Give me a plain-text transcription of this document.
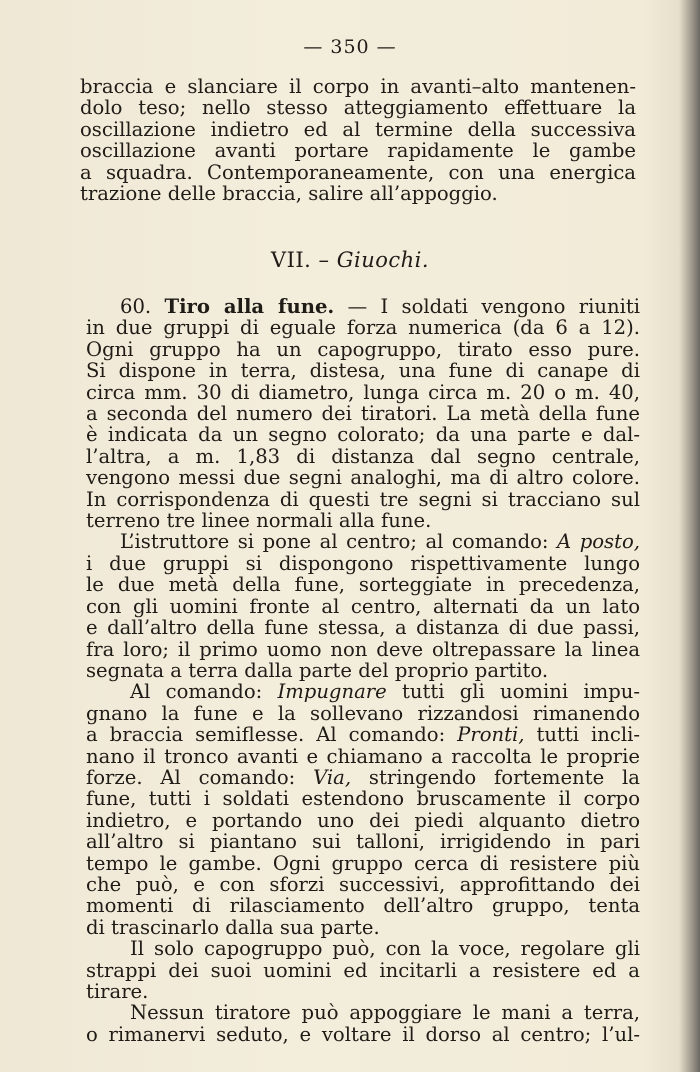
— 350 —
braccia e slanciare il corpo in avanti–alto mantenen-
dolo teso; nello stesso atteggiamento effettuare la
oscillazione indietro ed al termine della successiva
oscillazione avanti portare rapidamente le gambe
a squadra. Contemporaneamente, con una energica
trazione delle braccia, salire all’appoggio.
VII. – Giuochi.
60. Tiro alla fune. — I soldati vengono riuniti
in due gruppi di eguale forza numerica (da 6 a 12).
Ogni gruppo ha un capogruppo, tirato esso pure.
Si dispone in terra, distesa, una fune di canape di
circa mm. 30 di diametro, lunga circa m. 20 o m. 40,
a seconda del numero dei tiratori. La metà della fune
è indicata da un segno colorato; da una parte e dal-
l’altra, a m. 1,83 di distanza dal segno centrale,
vengono messi due segni analoghi, ma di altro colore.
In corrispondenza di questi tre segni si tracciano sul
terreno tre linee normali alla fune.
L’istruttore si pone al centro; al comando: A posto,
i due gruppi si dispongono rispettivamente lungo
le due metà della fune, sorteggiate in precedenza,
con gli uomini fronte al centro, alternati da un lato
e dall’altro della fune stessa, a distanza di due passi,
fra loro; il primo uomo non deve oltrepassare la linea
segnata a terra dalla parte del proprio partito.
Al comando: Impugnare tutti gli uomini impu-
gnano la fune e la sollevano rizzandosi rimanendo
a braccia semiflesse. Al comando: Pronti, tutti incli-
nano il tronco avanti e chiamano a raccolta le proprie
forze. Al comando: Via, stringendo fortemente la
fune, tutti i soldati estendono bruscamente il corpo
indietro, e portando uno dei piedi alquanto dietro
all’altro si piantano sui talloni, irrigidendo in pari
tempo le gambe. Ogni gruppo cerca di resistere più
che può, e con sforzi successivi, approfittando dei
momenti di rilasciamento dell’altro gruppo, tenta
di trascinarlo dalla sua parte.
Il solo capogruppo può, con la voce, regolare gli
strappi dei suoi uomini ed incitarli a resistere ed a
tirare.
Nessun tiratore può appoggiare le mani a terra,
o rimanervi seduto, e voltare il dorso al centro; l’ul-
